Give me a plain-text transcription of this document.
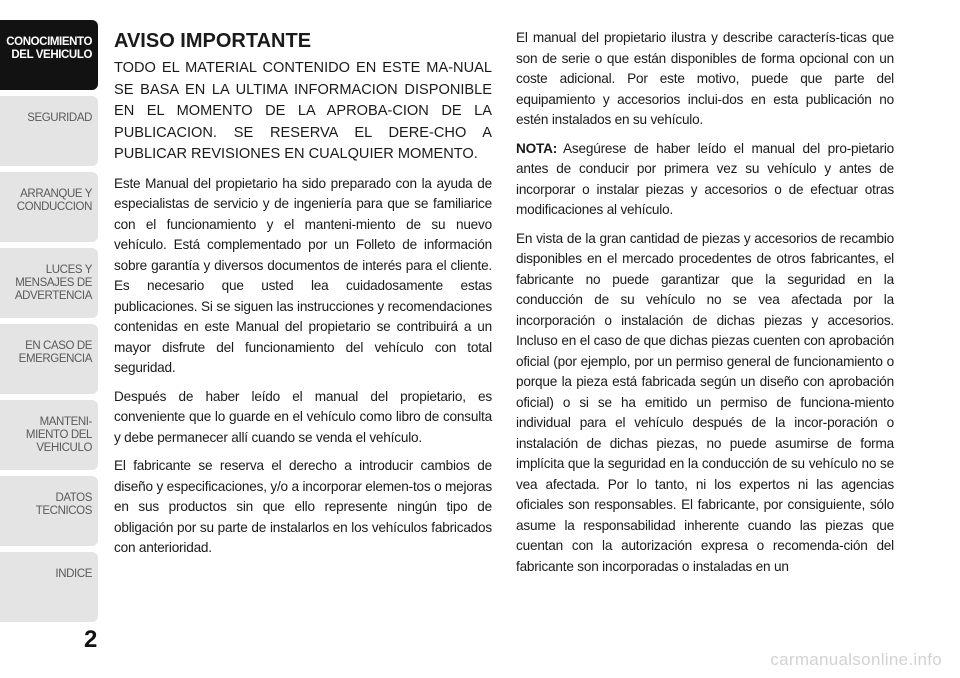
CONOCIMIENTO
DEL VEHICULO
SEGURIDAD
ARRANQUE Y
CONDUCCION
LUCES Y
MENSAJES DE
ADVERTENCIA
EN CASO DE
EMERGENCIA
MANTENI-
MIENTO DEL
VEHICULO
DATOS
TECNICOS
INDICE
2
AVISO IMPORTANTE

TODO EL MATERIAL CONTENIDO EN ESTE MA-NUAL SE BASA EN LA ULTIMA INFORMACION DISPONIBLE EN EL MOMENTO DE LA APROBA-CION DE LA PUBLICACION. SE RESERVA EL DERE-CHO A PUBLICAR REVISIONES EN CUALQUIER MOMENTO.

Este Manual del propietario ha sido preparado con la ayuda de especialistas de servicio y de ingeniería para que se familiarice con el funcionamiento y el manteni-miento de su nuevo vehículo. Está complementado por un Folleto de información sobre garantía y diversos documentos de interés para el cliente. Es necesario que usted lea cuidadosamente estas publicaciones. Si se siguen las instrucciones y recomendaciones contenidas en este Manual del propietario se contribuirá a un mayor disfrute del funcionamiento del vehículo con total seguridad.

Después de haber leído el manual del propietario, es conveniente que lo guarde en el vehículo como libro de consulta y debe permanecer allí cuando se venda el vehículo.

El fabricante se reserva el derecho a introducir cambios de diseño y especificaciones, y/o a incorporar elemen-tos o mejoras en sus productos sin que ello represente ningún tipo de obligación por su parte de instalarlos en los vehículos fabricados con anterioridad.

El manual del propietario ilustra y describe caracterís-ticas que son de serie o que están disponibles de forma opcional con un coste adicional. Por este motivo, puede que parte del equipamiento y accesorios inclui-dos en esta publicación no estén instalados en su vehículo.

NOTA: Asegúrese de haber leído el manual del pro-pietario antes de conducir por primera vez su vehículo y antes de incorporar o instalar piezas y accesorios o de efectuar otras modificaciones al vehículo.

En vista de la gran cantidad de piezas y accesorios de recambio disponibles en el mercado procedentes de otros fabricantes, el fabricante no puede garantizar que la seguridad en la conducción de su vehículo no se vea afectada por la incorporación o instalación de dichas piezas y accesorios. Incluso en el caso de que dichas piezas cuenten con aprobación oficial (por ejemplo, por un permiso general de funcionamiento o porque la pieza está fabricada según un diseño con aprobación oficial) o si se ha emitido un permiso de funciona-miento individual para el vehículo después de la incor-poración o instalación de dichas piezas, no puede asumirse de forma implícita que la seguridad en la conducción de su vehículo no se vea afectada. Por lo tanto, ni los expertos ni las agencias oficiales son responsables. El fabricante, por consiguiente, sólo asume la responsabilidad inherente cuando las piezas que cuentan con la autorización expresa o recomenda-ción del fabricante son incorporadas o instaladas en un

carmanualsonline.info
